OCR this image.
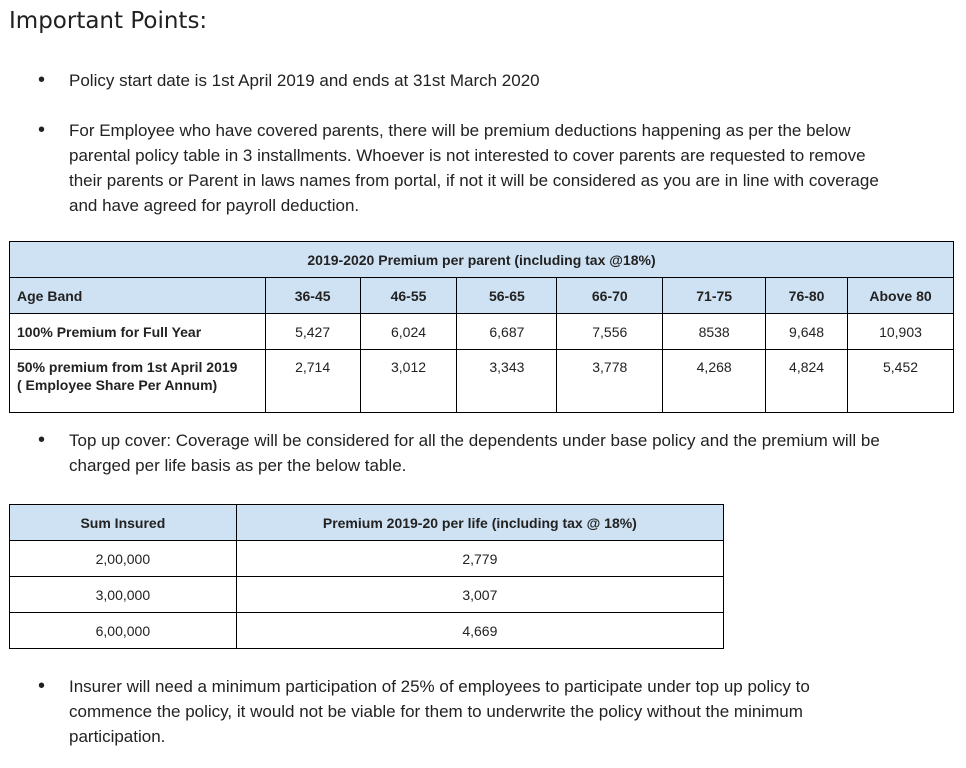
Important Points:
• Policy start date is 1st April 2019 and ends at 31st March 2020
• For Employee who have covered parents, there will be premium deductions happening as per the below
parental policy table in 3 installments. Whoever is not interested to cover parents are requested to remove
their parents or Parent in laws names from portal, if not it will be considered as you are in line with coverage
and have agreed for payroll deduction.
2019-2020 Premium per parent (including tax @18%)							
Age Band	36-45	46-55	56-65	66-70	71-75	76-80	Above 80
100% Premium for Full Year	5,427	6,024	6,687	7,556	8538	9,648	10,903

50% premium from 1st April 2019
( Employee Share Per Annum)	2,714	3,012	3,343	3,778	4,268	4,824	5,452
• Top up cover: Coverage will be considered for all the dependents under base policy and the premium will be
charged per life basis as per the below table.
Sum Insured	Premium 2019-20 per life (including tax @ 18%)
2,00,000	2,779
3,00,000	3,007
6,00,000	4,669
• Insurer will need a minimum participation of 25% of employees to participate under top up policy to
commence the policy, it would not be viable for them to underwrite the policy without the minimum
participation.
